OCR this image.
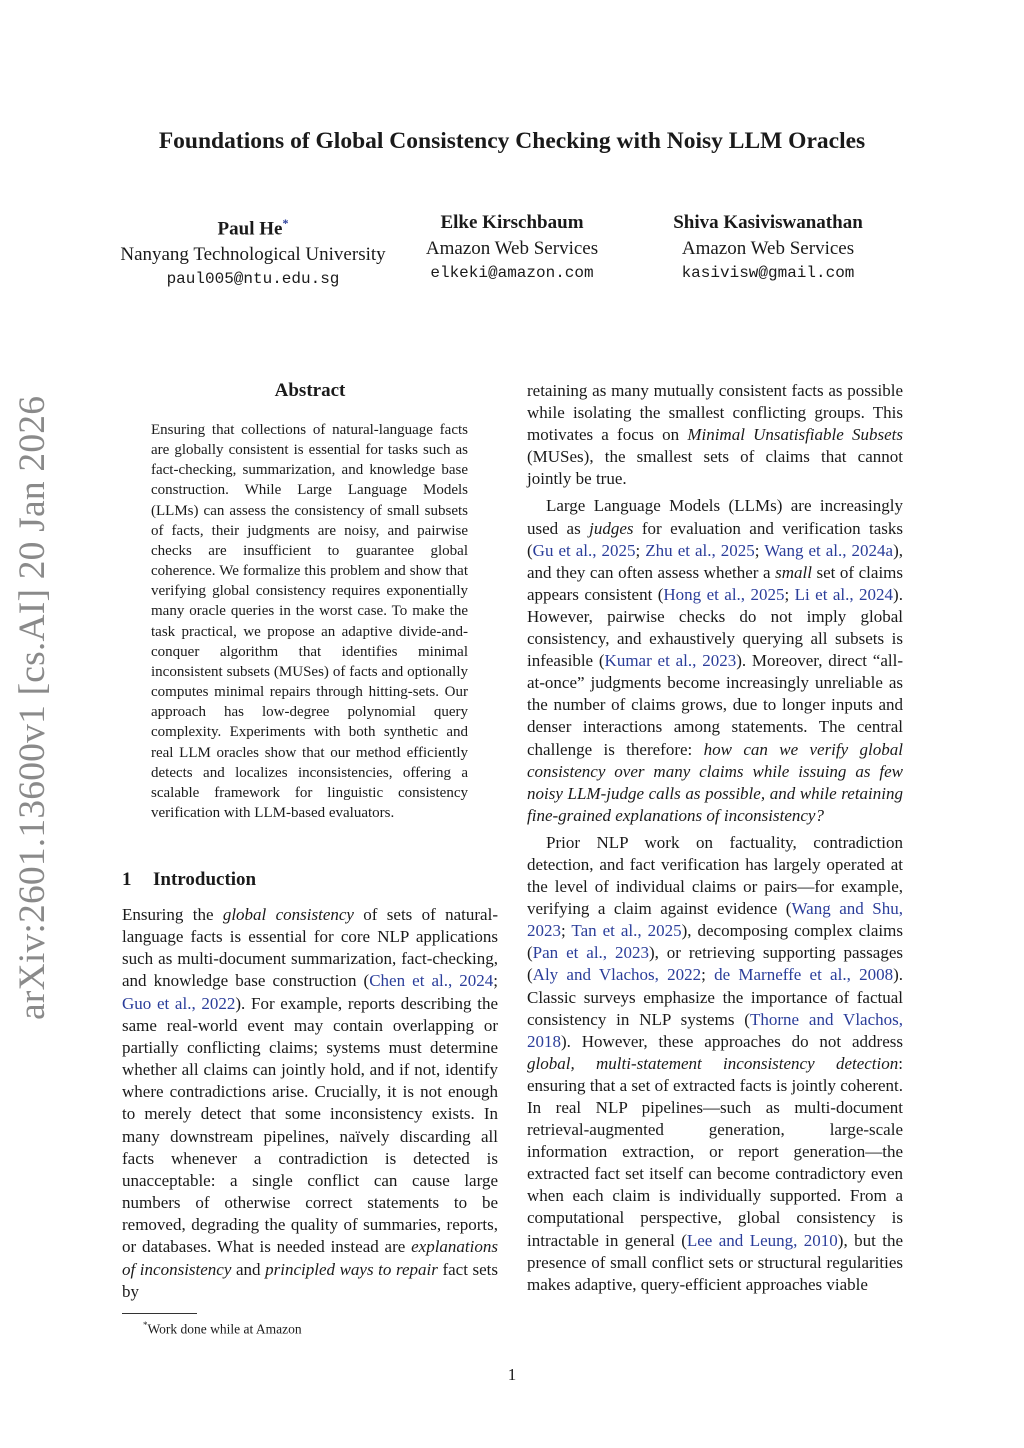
arXiv:2601.13600v1 [cs.AI] 20 Jan 2026
Foundations of Global Consistency Checking with Noisy LLM Oracles
Paul He*
Nanyang Technological University
paul005@ntu.edu.sg
Elke Kirschbaum
Amazon Web Services
elkeki@amazon.com
Shiva Kasiviswanathan
Amazon Web Services
kasivisw@gmail.com
Abstract
Ensuring that collections of natural-language facts are globally consistent is essential for tasks such as fact-checking, summarization, and knowledge base construction. While Large Language Models (LLMs) can assess the consistency of small subsets of facts, their judgments are noisy, and pairwise checks are insufficient to guarantee global coherence. We formalize this problem and show that verifying global consistency requires exponentially many oracle queries in the worst case. To make the task practical, we propose an adaptive divide-and-conquer algorithm that identifies minimal inconsistent subsets (MUSes) of facts and optionally computes minimal repairs through hitting-sets. Our approach has low-degree polynomial query complexity. Experiments with both synthetic and real LLM oracles show that our method efficiently detects and localizes inconsistencies, offering a scalable framework for linguistic consistency verification with LLM-based evaluators.
1 Introduction
Ensuring the global consistency of sets of natural-language facts is essential for core NLP applications such as multi-document summarization, fact-checking, and knowledge base construction (Chen et al., 2024; Guo et al., 2022). For example, reports describing the same real-world event may contain overlapping or partially conflicting claims; systems must determine whether all claims can jointly hold, and if not, identify where contradictions arise. Crucially, it is not enough to merely detect that some inconsistency exists. In many downstream pipelines, naïvely discarding all facts whenever a contradiction is detected is unacceptable: a single conflict can cause large numbers of otherwise correct statements to be removed, degrading the quality of summaries, reports, or databases. What is needed instead are explanations of inconsistency and principled ways to repair fact sets by

retaining as many mutually consistent facts as possible while isolating the smallest conflicting groups. This motivates a focus on Minimal Unsatisfiable Subsets (MUSes), the smallest sets of claims that cannot jointly be true.

Large Language Models (LLMs) are increasingly used as judges for evaluation and verification tasks (Gu et al., 2025; Zhu et al., 2025; Wang et al., 2024a), and they can often assess whether a small set of claims appears consistent (Hong et al., 2025; Li et al., 2024). However, pairwise checks do not imply global consistency, and exhaustively querying all subsets is infeasible (Kumar et al., 2023). Moreover, direct “all-at-once” judgments become increasingly unreliable as the number of claims grows, due to longer inputs and denser interactions among statements. The central challenge is therefore: how can we verify global consistency over many claims while issuing as few noisy LLM-judge calls as possible, and while retaining fine-grained explanations of inconsistency?

Prior NLP work on factuality, contradiction detection, and fact verification has largely operated at the level of individual claims or pairs—for example, verifying a claim against evidence (Wang and Shu, 2023; Tan et al., 2025), decomposing complex claims (Pan et al., 2023), or retrieving supporting passages (Aly and Vlachos, 2022; de Marneffe et al., 2008). Classic surveys emphasize the importance of factual consistency in NLP systems (Thorne and Vlachos, 2018). However, these approaches do not address global, multi-statement inconsistency detection: ensuring that a set of extracted facts is jointly coherent. In real NLP pipelines—such as multi-document retrieval-augmented generation, large-scale information extraction, or report generation—the extracted fact set itself can become contradictory even when each claim is individually supported. From a computational perspective, global consistency is intractable in general (Lee and Leung, 2010), but the presence of small conflict sets or structural regularities makes adaptive, query-efficient approaches viable

*Work done while at Amazon
1
